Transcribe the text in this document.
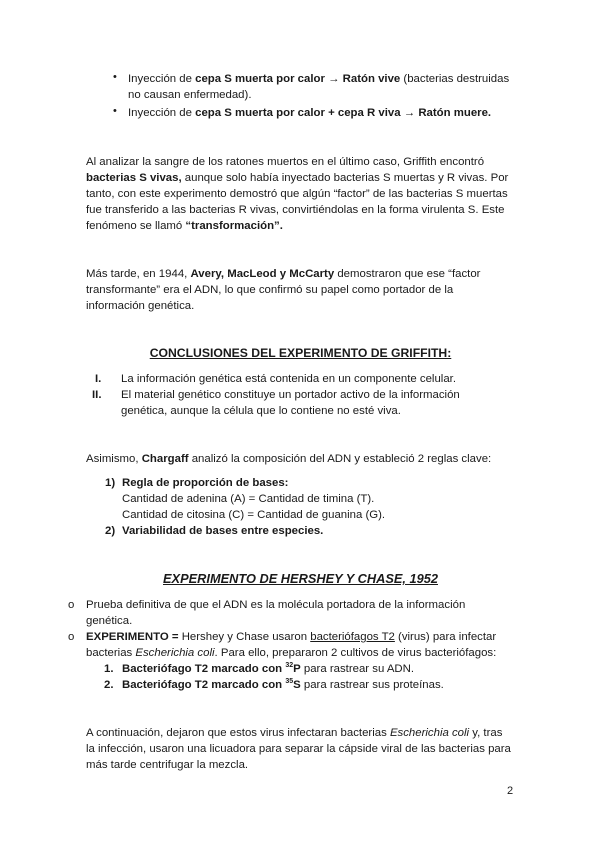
• Inyección de cepa S muerta por calor → Ratón vive (bacterias destruidas
no causan enfermedad).
• Inyección de cepa S muerta por calor + cepa R viva → Ratón muere.
Al analizar la sangre de los ratones muertos en el último caso, Griffith encontró
bacterias S vivas, aunque solo había inyectado bacterias S muertas y R vivas. Por
tanto, con este experimento demostró que algún “factor” de las bacterias S muertas
fue transferido a las bacterias R vivas, convirtiéndolas en la forma virulenta S. Este
fenómeno se llamó “transformación”.
Más tarde, en 1944, Avery, MacLeod y McCarty demostraron que ese “factor
transformante” era el ADN, lo que confirmó su papel como portador de la
información genética.
CONCLUSIONES DEL EXPERIMENTO DE GRIFFITH:
I. La información genética está contenida en un componente celular.
II. El material genético constituye un portador activo de la información
genética, aunque la célula que lo contiene no esté viva.
Asimismo, Chargaff analizó la composición del ADN y estableció 2 reglas clave:
1) Regla de proporción de bases:
Cantidad de adenina (A) = Cantidad de timina (T).
Cantidad de citosina (C) = Cantidad de guanina (G).
2) Variabilidad de bases entre especies.
EXPERIMENTO DE HERSHEY Y CHASE, 1952
o Prueba definitiva de que el ADN es la molécula portadora de la información
genética.
o EXPERIMENTO = Hershey y Chase usaron bacteriófagos T2 (virus) para infectar
bacterias Escherichia coli. Para ello, prepararon 2 cultivos de virus bacteriófagos:
1. Bacteriófago T2 marcado con $^{32}$P para rastrear su ADN.
2. Bacteriófago T2 marcado con $^{35}$S para rastrear sus proteínas.
A continuación, dejaron que estos virus infectaran bacterias Escherichia coli y, tras
la infección, usaron una licuadora para separar la cápside viral de las bacterias para
más tarde centrifugar la mezcla.
2
